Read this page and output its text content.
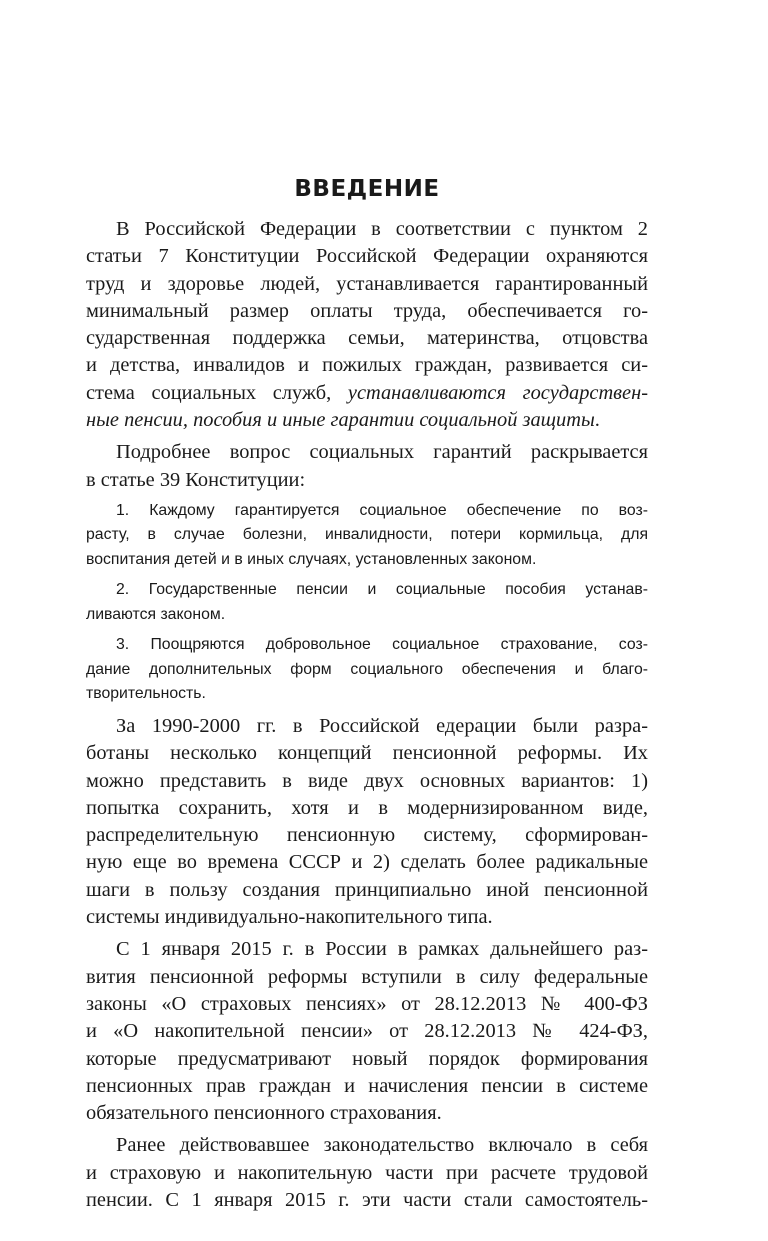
ВВЕДЕНИЕ
В Российской Федерации в соответствии с пунктом 2
статьи 7 Конституции Российской Федерации охраняются
труд и здоровье людей, устанавливается гарантированный
минимальный размер оплаты труда, обеспечивается го-
сударственная поддержка семьи, материнства, отцовства
и детства, инвалидов и пожилых граждан, развивается си-
стема социальных служб, устанавливаются государствен-
ные пенсии, пособия и иные гарантии социальной защиты.
Подробнее вопрос социальных гарантий раскрывается
в статье 39 Конституции:
1. Каждому гарантируется социальное обеспечение по воз-
расту, в случае болезни, инвалидности, потери кормильца, для
воспитания детей и в иных случаях, установленных законом.
2. Государственные пенсии и социальные пособия устанав-
ливаются законом.
3. Поощряются добровольное социальное страхование, соз-
дание дополнительных форм социального обеспечения и благо-
творительность.
За 1990-2000 гг. в Российской едерации были разра-
ботаны несколько концепций пенсионной реформы. Их
можно представить в виде двух основных вариантов: 1)
попытка сохранить, хотя и в модернизированном виде,
распределительную пенсионную систему, сформирован-
ную еще во времена СССР и 2) сделать более радикальные
шаги в пользу создания принципиально иной пенсионной
системы индивидуально-накопительного типа.
С 1 января 2015 г. в России в рамках дальнейшего раз-
вития пенсионной реформы вступили в силу федеральные
законы «О страховых пенсиях» от 28.12.2013 № 400-ФЗ
и «О накопительной пенсии» от 28.12.2013 № 424-ФЗ,
которые предусматривают новый порядок формирования
пенсионных прав граждан и начисления пенсии в системе
обязательного пенсионного страхования.
Ранее действовавшее законодательство включало в себя
и страховую и накопительную части при расчете трудовой
пенсии. С 1 января 2015 г. эти части стали самостоятель-
